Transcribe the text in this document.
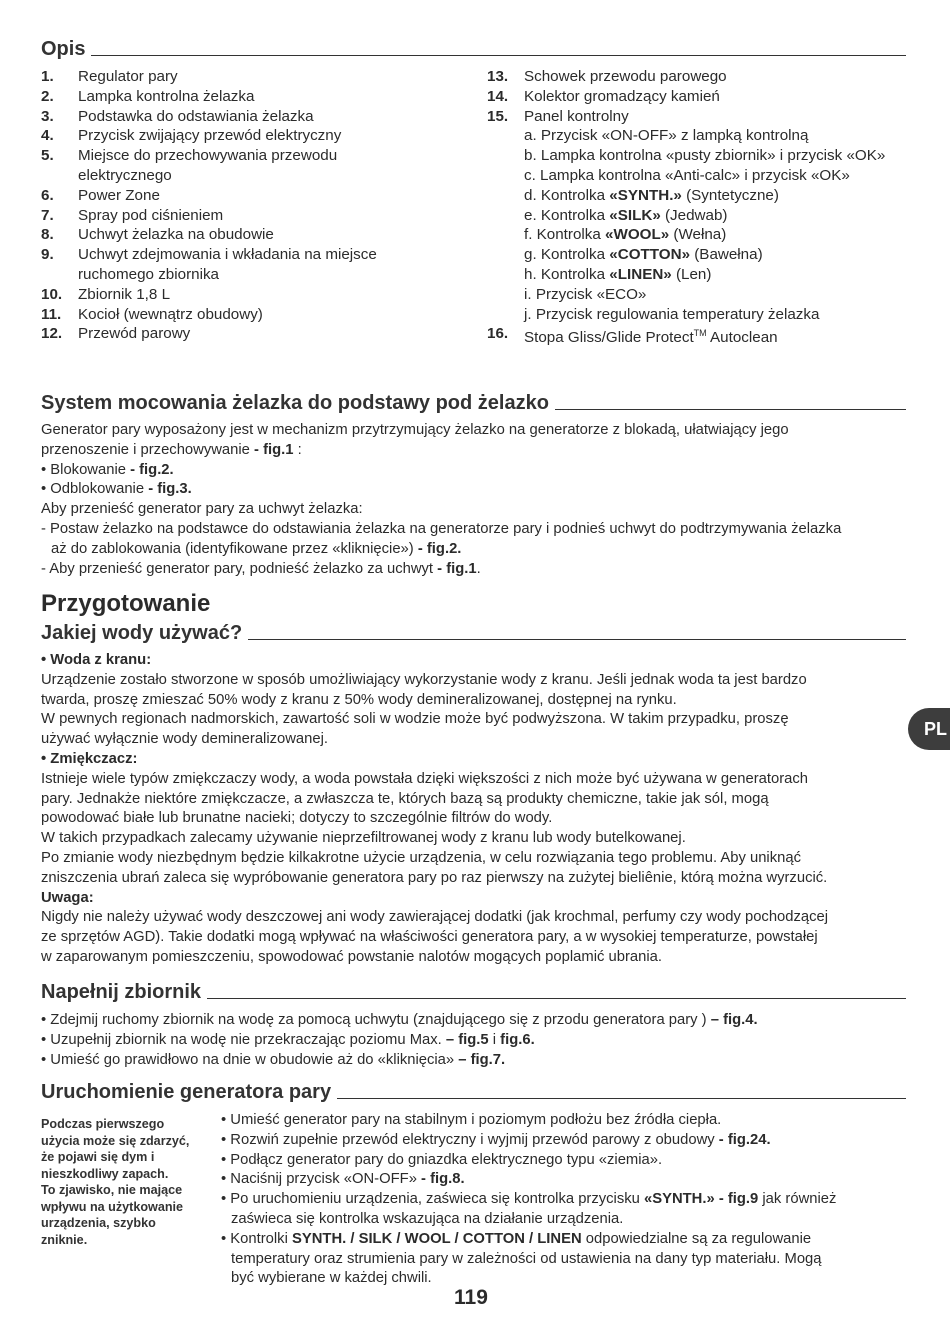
Opis
1.	Regulator pary
2.	Lampka kontrolna żelazka
3.	Podstawka do odstawiania żelazka
4.	Przycisk zwijający przewód elektryczny
5.	Miejsce do przechowywania przewodu
elektrycznego
6.	Power Zone
7.	Spray pod ciśnieniem
8.	Uchwyt żelazka na obudowie
9.	Uchwyt zdejmowania i wkładania na miejsce
ruchomego zbiornika
10.	Zbiornik 1,8 L
11.	Kocioł (wewnątrz obudowy)
12.	Przewód parowy
13.	Schowek przewodu parowego
14.	Kolektor gromadzący kamień
15.	Panel kontrolny
a. Przycisk «ON-OFF» z lampką kontrolną
b. Lampka kontrolna «pusty zbiornik» i przycisk «OK»
c. Lampka kontrolna «Anti-calc» i przycisk «OK»
d. Kontrolka «SYNTH.» (Syntetyczne)
e. Kontrolka «SILK» (Jedwab)
f. Kontrolka «WOOL» (Wełna)
g. Kontrolka «COTTON» (Bawełna)
h. Kontrolka «LINEN» (Len)
i. Przycisk «ECO»
j. Przycisk regulowania temperatury żelazka
16.	Stopa Gliss/Glide Protect™ Autoclean
System mocowania żelazka do podstawy pod żelazko
Generator pary wyposażony jest w mechanizm przytrzymujący żelazko na generatorze z blokadą, ułatwiający jego
przenoszenie i przechowywanie - fig.1 :
• Blokowanie - fig.2.
• Odblokowanie - fig.3.
Aby przenieść generator pary za uchwyt żelazka:
- Postaw żelazko na podstawce do odstawiania żelazka na generatorze pary i podnieś uchwyt do podtrzymywania żelazka
aż do zablokowania (identyfikowane przez «kliknięcie») - fig.2.
- Aby przenieść generator pary, podnieść żelazko za uchwyt - fig.1.
Przygotowanie
Jakiej wody używać?
• Woda z kranu:
Urządzenie zostało stworzone w sposób umożliwiający wykorzystanie wody z kranu. Jeśli jednak woda ta jest bardzo
twarda, proszę zmieszać 50% wody z kranu z 50% wody demineralizowanej, dostępnej na rynku.
W pewnych regionach nadmorskich, zawartość soli w wodzie może być podwyższona. W takim przypadku, proszę
używać wyłącznie wody demineralizowanej.
• Zmiękczacz:
Istnieje wiele typów zmiękczaczy wody, a woda powstała dzięki większości z nich może być używana w generatorach
pary. Jednakże niektóre zmiękczacze, a zwłaszcza te, których bazą są produkty chemiczne, takie jak sól, mogą
powodować białe lub brunatne nacieki; dotyczy to szczególnie filtrów do wody.
W takich przypadkach zalecamy używanie nieprzefiltrowanej wody z kranu lub wody butelkowanej.
Po zmianie wody niezbędnym będzie kilkakrotne użycie urządzenia, w celu rozwiązania tego problemu. Aby uniknąć
zniszczenia ubrań zaleca się wypróbowanie generatora pary po raz pierwszy na zużytej bieliênie, którą można wyrzucić.
Uwaga:
Nigdy nie należy używać wody deszczowej ani wody zawierającej dodatki (jak krochmal, perfumy czy wody pochodzącej
ze sprzętów AGD). Takie dodatki mogą wpływać na właściwości generatora pary, a w wysokiej temperaturze, powstałej
w zaparowanym pomieszczeniu, spowodować powstanie nalotów mogących poplamić ubrania.
Napełnij zbiornik
• Zdejmij ruchomy zbiornik na wodę za pomocą uchwytu (znajdującego się z przodu generatora pary ) – fig.4.
• Uzupełnij zbiornik na wodę nie przekraczając poziomu Max. – fig.5 i fig.6.
• Umieść go prawidłowo na dnie w obudowie aż do «kliknięcia» – fig.7.
Uruchomienie generatora pary
Podczas pierwszego
użycia może się zdarzyć,
że pojawi się dym i
nieszkodliwy zapach.
To zjawisko, nie mające
wpływu na użytkowanie
urządzenia, szybko
zniknie.
• Umieść generator pary na stabilnym i poziomym podłożu bez źródła ciepła.
• Rozwiń zupełnie przewód elektryczny i wyjmij przewód parowy z obudowy - fig.24.
• Podłącz generator pary do gniazdka elektrycznego typu «ziemia».
• Naciśnij przycisk «ON-OFF» - fig.8.
• Po uruchomieniu urządzenia, zaświeca się kontrolka przycisku «SYNTH.» - fig.9 jak również
zaświeca się kontrolka wskazująca na działanie urządzenia.
• Kontrolki SYNTH. / SILK / WOOL / COTTON / LINEN odpowiedzialne są za regulowanie
temperatury oraz strumienia pary w zależności od ustawienia na dany typ materiału. Mogą
być wybierane w każdej chwili.
PL
119
